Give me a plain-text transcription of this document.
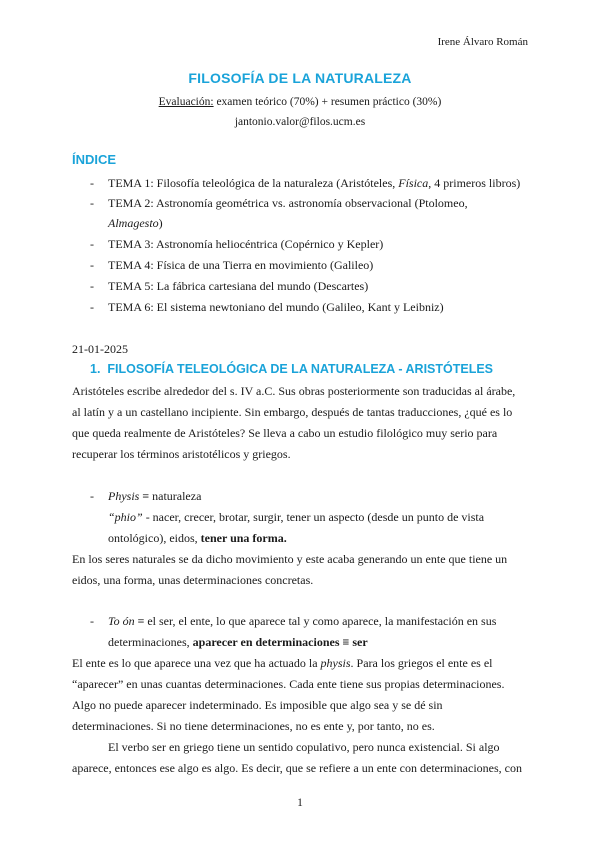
Irene Álvaro Román
FILOSOFÍA DE LA NATURALEZA
Evaluación: examen teórico (70%) + resumen práctico (30%)
jantonio.valor@filos.ucm.es
ÍNDICE
- TEMA 1: Filosofía teleológica de la naturaleza (Aristóteles, Física, 4 primeros libros)
- TEMA 2: Astronomía geométrica vs. astronomía observacional (Ptolomeo,
Almagesto)
- TEMA 3: Astronomía heliocéntrica (Copérnico y Kepler)
- TEMA 4: Física de una Tierra en movimiento (Galileo)
- TEMA 5: La fábrica cartesiana del mundo (Descartes)
- TEMA 6: El sistema newtoniano del mundo (Galileo, Kant y Leibniz)
21-01-2025
1. FILOSOFÍA TELEOLÓGICA DE LA NATURALEZA - ARISTÓTELES
Aristóteles escribe alrededor del s. IV a.C. Sus obras posteriormente son traducidas al árabe,
al latín y a un castellano incipiente. Sin embargo, después de tantas traducciones, ¿qué es lo
que queda realmente de Aristóteles? Se lleva a cabo un estudio filológico muy serio para
recuperar los términos aristotélicos y griegos.
- Physis ≡ naturaleza
“phio” - nacer, crecer, brotar, surgir, tener un aspecto (desde un punto de vista
ontológico), eidos, tener una forma.
En los seres naturales se da dicho movimiento y este acaba generando un ente que tiene un
eidos, una forma, unas determinaciones concretas.
- To ón ≡ el ser, el ente, lo que aparece tal y como aparece, la manifestación en sus
determinaciones, aparecer en determinaciones ≡ ser
El ente es lo que aparece una vez que ha actuado la physis. Para los griegos el ente es el
“aparecer” en unas cuantas determinaciones. Cada ente tiene sus propias determinaciones.
Algo no puede aparecer indeterminado. Es imposible que algo sea y se dé sin
determinaciones. Si no tiene determinaciones, no es ente y, por tanto, no es.
El verbo ser en griego tiene un sentido copulativo, pero nunca existencial. Si algo
aparece, entonces ese algo es algo. Es decir, que se refiere a un ente con determinaciones, con
1
